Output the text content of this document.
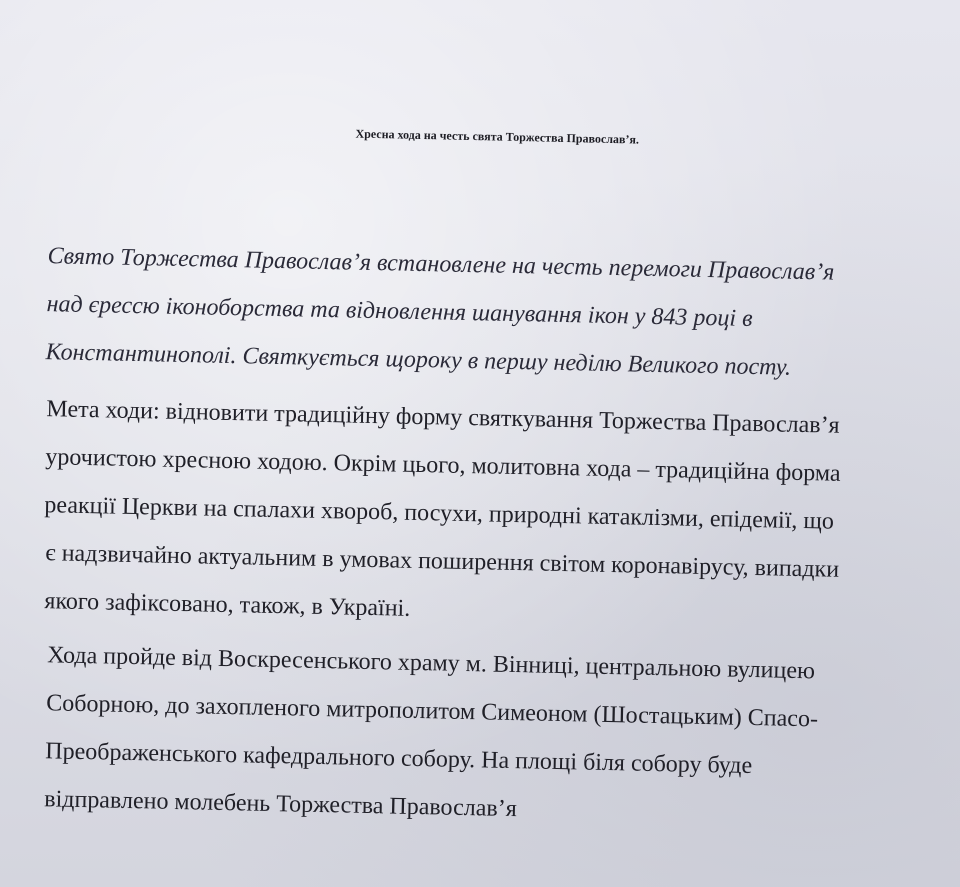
Хресна хода на честь свята Торжества Православ’я.
Свято Торжества Православ’я встановлене на честь перемоги Православ’я
над єрессю іконоборства та відновлення шанування ікон у 843 році в
Константинополі. Святкується щороку в першу неділю Великого посту.
Мета ходи: відновити традиційну форму святкування Торжества Православ’я
урочистою хресною ходою. Окрім цього, молитовна хода – традиційна форма
реакції Церкви на спалахи хвороб, посухи, природні катаклізми, епідемії, що
є надзвичайно актуальним в умовах поширення світом коронавірусу, випадки
якого зафіксовано, також, в Україні.
Хода пройде від Воскресенського храму м. Вінниці, центральною вулицею
Соборною, до захопленого митрополитом Симеоном (Шостацьким) Спасо-
Преображенського кафедрального собору. На площі біля собору буде
відправлено молебень Торжества Православ’я
